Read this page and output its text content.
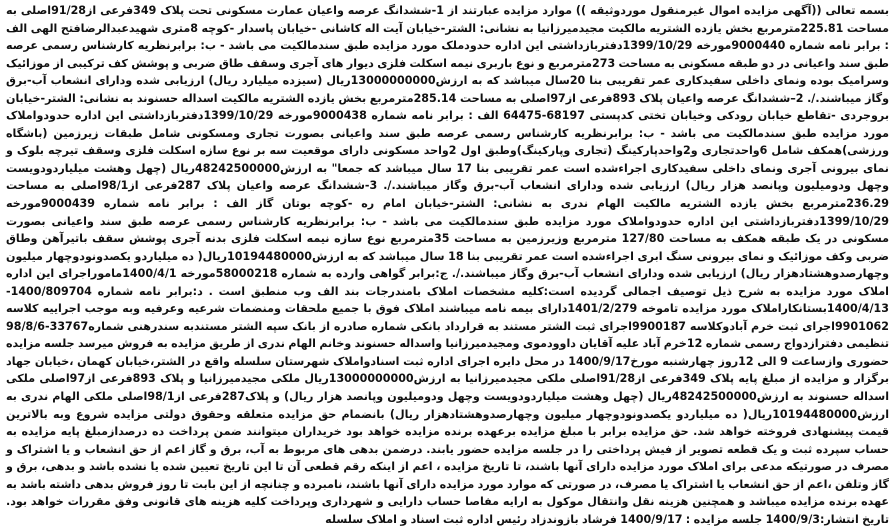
بسمه تعالی ((آگهی مزایده اموال غیرمنقول موردوثیقه )) موارد مزایده عبارتند از 1-ششدانگ عرصه واعیان عمارت مسکونی تحت پلاک 349فرعی از91/28اصلی به مساحت 225.81مترمربع بخش یازده الشتریه مالکیت مجیدمیرزانیا به نشانی: الشتر-خیابان آیت اله کاشانی -خیابان پاسدار -کوچه 8متری شهیدعبدالرضافتح الهی الف : برابر نامه شماره 9000440مورخه 1399/10/29دفتربازداشتی این اداره حدودملک مورد مزایده طبق سندمالکیت می باشد - ب: برابرنظریه کارشناس رسمی عرصه طبق سند واعیانی در دو طبقه مسکونی به مساحت 273مترمربع و نوع باربری نیمه اسکلت فلزی دیوار های آجری وسقف طاق ضربی و پوشش کف ترکیبی از موزائیک وسرامیک بوده ونمای داخلی سفیدکاری عمر تقریبی بنا 20سال میباشد که به ارزش13000000000ریال (سیزده میلیارد ریال) ارزیابی شده ودارای انشعاب آب-برق وگاز میباشند./. 2–ششدانگ عرصه واعیان پلاک 893فرعی از97اصلی به مساحت 285.14مترمربع بخش یازده الشتریه مالکیت اسداله حسنوند به نشانی: الشتر-خیابان بروجردی -تقاطع خیابان رودکی وخیابان تختی کدپستی 68197-64475 الف : برابر نامه شماره 9000438مورخه 1399/10/29دفتربازداشتی این اداره حدودواملاک مورد مزایده طبق سندمالکیت می باشد - ب: برابرنظریه کارشناس رسمی عرصه طبق سند واعیانی بصورت تجاری ومسکونی شامل طبقات زیرزمین (باشگاه ورزشی)همکف شامل 6واحدتجاری و2واحدپارکینگ (تجاری وپارکینگ)وطبق اول 2واحد مسکونی دارای موقعیت سه بر نوع سازه اسکلت فلزی وسقف تیرچه بلوک و نمای بیرونی آجری ونمای داخلی سفیدکاری اجراءشده است عمر تقریبی بنا 17 سال میباشد که جمعا" به ارزش48242500000ریال (چهل وهشت میلیاردودویست وچهل ودومیلیون وپانصد هزار ریال) ارزیابی شده ودارای انشعاب آب-برق وگاز میباشند./. 3-ششدانگ عرصه واعیان پلاک 287فرعی از98/1اصلی به مساحت 236.29مترمربع بخش یازده الشتریه مالکیت الهام ندری به نشانی: الشتر-خیابان امام ره -کوچه بوتان گاز الف : برابر نامه شماره 9000439مورخه 1399/10/29دفتربازداشتی این اداره حدودواملاک مورد مزایده طبق سندمالکیت می باشد - ب: برابرنظریه کارشناس رسمی عرصه طبق سند واعیانی بصورت مسکونی در یک طبقه همکف به مساحت 127/80 مترمربع وزیرزمین به مساحت 35مترمربع نوع سازه نیمه اسکلت فلزی بدنه آجری پوشش سقف باتیرآهن وطاق ضربی وکف موزائیک و نمای بیرونی سنگ ابری اجراءشده است عمر تقریبی بنا 18 سال میباشد که به ارزش10194480000ریال( ده میلیاردو یکصدونودوچهار میلیون وچهارصدوهشتادهزار ریال) ارزیابی شده ودارای انشعاب آب-برق وگاز میباشند./. ج:برابر گواهی وارده به شماره 58000218مورخه 1400/4/1ماموراجرای این اداره املاک مورد مزایده به شرح ذیل توصیف اجمالی گردیده است:کلیه مشخصات املاک بامندرجات بند الف وب منطبق است . د:برابر نامه شماره 1400/809704-1400/4/13بستانکاراملاک مورد مزایده تاموخه 1401/2/279دارای بیمه نامه میباشند املاک فوق با جمیع ملحقات ومنضمات شرعیه وعرفیه وبه موجب اجراییه کلاسه 9901062اجرای ثبت خرم آبادوکلاسه 9900187اجرای ثبت الشتر مستند به قرارداد بانکی شماره صادره از بانک سپه الشتر مستندبه سندرهنی شماره33767-98/8/6 تنظیمی دفترازدواج رسمی شماره 12خرم آباد علیه آقایان داوودموی ومجیدمیرزانیا واسداله حسنوند وخانم الهام ندری از طریق مزایده به فروش میرسد جلسه مزایده حضوری وازساعت 9 الی 12روز چهارشنبه مورخ1400/9/17 در محل دایره اجرای اداره ثبت اسنادواملاک شهرستان سلسله واقع در الشتر،خیابان کهمان ،خیابان جهاد برگزار و مزایده از مبلغ پایه پلاک 349فرعی از91/28اصلی ملکی مجیدمیرزانیا به ارزش13000000000ریال ملکی مجیدمیرزانیا و پلاک 893فرعی از97اصلی ملکی اسداله حسنوند به ارزش48242500000ریال (چهل وهشت میلیاردودویست وچهل ودومیلیون وپانصد هزار ریال) و پلاک287فرعی از98/1اصلی ملکی الهام ندری به ارزش10194480000ریال( ده میلیاردو یکصدونودوچهار میلیون وچهارصدوهشتادهزار ریال) بانضمام حق مزایده متعلقه وحقوق دولتی مزایده شروع وبه بالاترین قیمت پیشنهادی فروخته خواهد شد. حق مزایده برابر با مبلغ مزایده برعهده برنده مزایده خواهد بود خریداران میتوانند ضمن پرداخت ده درصدازمبلغ پایه مزایده به حساب سپرده ثبت و یک قطعه تصویر از فیش پرداختی را در جلسه مزایده حضور یابند. درضمن بدهی های مربوط به آب، برق و گاز اعم از حق انشعاب و یا اشتراک و مصرف در صورتیکه مدعی برای املاک مورد مزایده دارای آنها باشند، تا تاریخ مزایده ، اعم از اینکه رقم قطعی آن تا این تاریخ تعیین شده یا نشده باشد و بدهی، برق و گاز وتلفن ،اعم از حق انشعاب یا اشتراک یا مصرف، در صورتی که موارد مورد مزایده دارای آنها باشند، نامبرده و چنانچه از این بابت تا روز فروش بدهی داشته باشد به عهده برنده مزایده میباشد و همچنین هزینه نقل وانتقال موکول به ارایه مفاصا حساب دارایی و شهرداری وپرداخت کلیه هزینه های قانونی وفق مقررات خواهد بود. تاریخ انتشار:1400/9/3 جلسه مزایده : 1400/9/17 فرشاد بازوندزاد رئیس اداره ثبت اسناد و املاک سلسله
